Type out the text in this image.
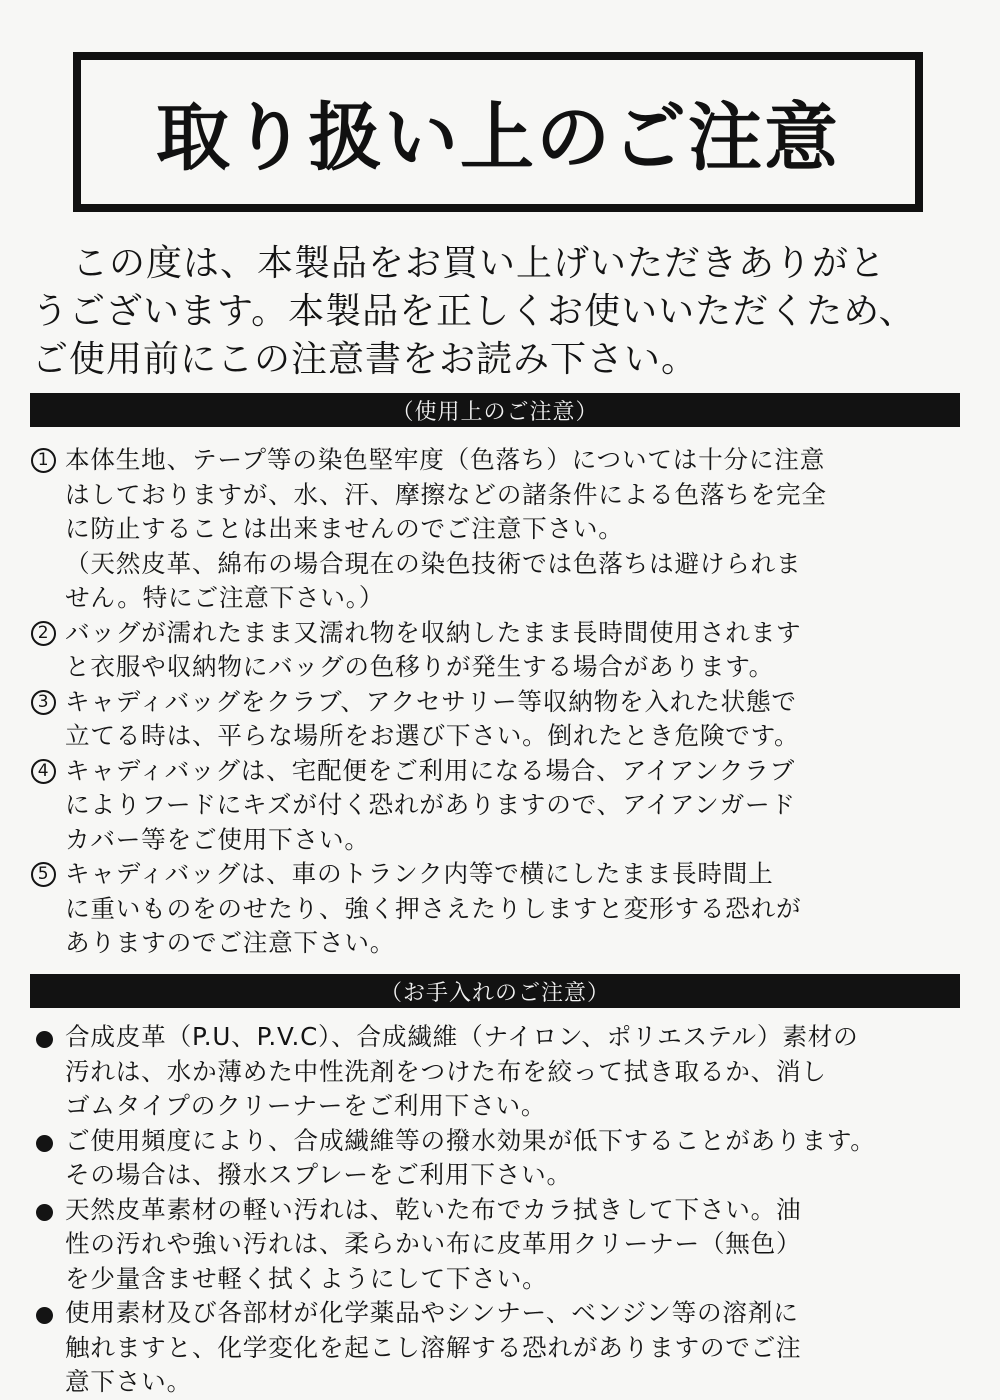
取り扱い上のご注意
この度は、本製品をお買い上げいただきありがと
うございます。本製品を正しくお使いいただくため、
ご使用前にこの注意書をお読み下さい。
（使用上のご注意）
1 本体生地、テープ等の染色堅牢度（色落ち）については十分に注意
はしておりますが、水、汗、摩擦などの諸条件による色落ちを完全
に防止することは出来ませんのでご注意下さい。
（天然皮革、綿布の場合現在の染色技術では色落ちは避けられま
せん。特にご注意下さい。）
2 バッグが濡れたまま又濡れ物を収納したまま長時間使用されます
と衣服や収納物にバッグの色移りが発生する場合があります。
3 キャディバッグをクラブ、アクセサリー等収納物を入れた状態で
立てる時は、平らな場所をお選び下さい。倒れたとき危険です。
4 キャディバッグは、宅配便をご利用になる場合、アイアンクラブ
によりフードにキズが付く恐れがありますので、アイアンガード
カバー等をご使用下さい。
5 キャディバッグは、車のトランク内等で横にしたまま長時間上
に重いものをのせたり、強く押さえたりしますと変形する恐れが
ありますのでご注意下さい。
（お手入れのご注意）
合成皮革（P.U、P.V.C）、合成繊維（ナイロン、ポリエステル）素材の
汚れは、水か薄めた中性洗剤をつけた布を絞って拭き取るか、消し
ゴムタイプのクリーナーをご利用下さい。
ご使用頻度により、合成繊維等の撥水効果が低下することがあります。
その場合は、撥水スプレーをご利用下さい。
天然皮革素材の軽い汚れは、乾いた布でカラ拭きして下さい。油
性の汚れや強い汚れは、柔らかい布に皮革用クリーナー（無色）
を少量含ませ軽く拭くようにして下さい。
使用素材及び各部材が化学薬品やシンナー、ベンジン等の溶剤に
触れますと、化学変化を起こし溶解する恐れがありますのでご注
意下さい。
